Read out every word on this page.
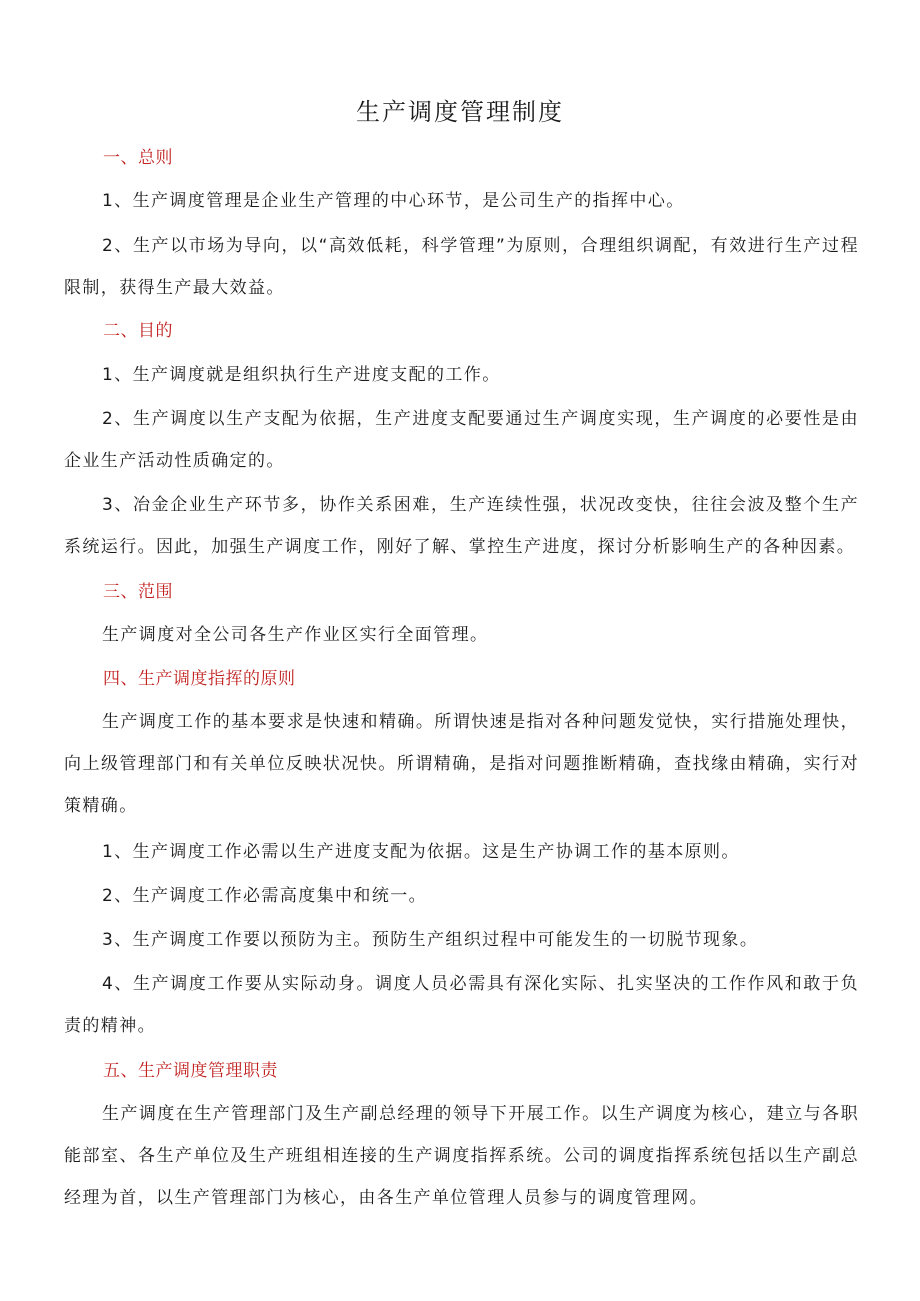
生产调度管理制度
一、总则
1、生产调度管理是企业生产管理的中心环节，是公司生产的指挥中心。
2、生产以市场为导向，以“高效低耗，科学管理”为原则，合理组织调配，有效进行生产过程限制，获得生产最大效益。
二、目的
1、生产调度就是组织执行生产进度支配的工作。
2、生产调度以生产支配为依据，生产进度支配要通过生产调度实现，生产调度的必要性是由企业生产活动性质确定的。
3、冶金企业生产环节多，协作关系困难，生产连续性强，状况改变快，往往会波及整个生产系统运行。因此，加强生产调度工作，刚好了解、掌控生产进度，探讨分析影响生产的各种因素。
三、范围
生产调度对全公司各生产作业区实行全面管理。
四、生产调度指挥的原则
生产调度工作的基本要求是快速和精确。所谓快速是指对各种问题发觉快，实行措施处理快，向上级管理部门和有关单位反映状况快。所谓精确，是指对问题推断精确，查找缘由精确，实行对策精确。
1、生产调度工作必需以生产进度支配为依据。这是生产协调工作的基本原则。
2、生产调度工作必需高度集中和统一。
3、生产调度工作要以预防为主。预防生产组织过程中可能发生的一切脱节现象。
4、生产调度工作要从实际动身。调度人员必需具有深化实际、扎实坚决的工作作风和敢于负责的精神。
五、生产调度管理职责
生产调度在生产管理部门及生产副总经理的领导下开展工作。以生产调度为核心，建立与各职能部室、各生产单位及生产班组相连接的生产调度指挥系统。公司的调度指挥系统包括以生产副总经理为首，以生产管理部门为核心，由各生产单位管理人员参与的调度管理网。
